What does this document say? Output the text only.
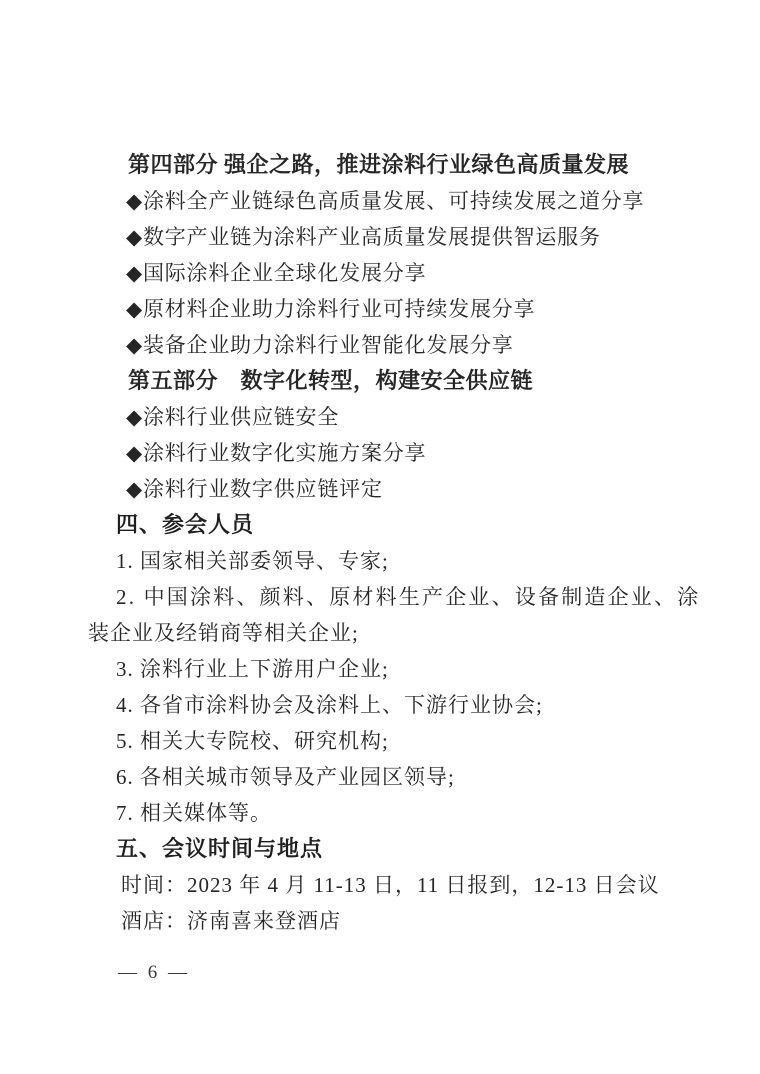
第四部分 强企之路，推进涂料行业绿色高质量发展
◆涂料全产业链绿色高质量发展、可持续发展之道分享
◆数字产业链为涂料产业高质量发展提供智运服务
◆国际涂料企业全球化发展分享
◆原材料企业助力涂料行业可持续发展分享
◆装备企业助力涂料行业智能化发展分享
第五部分　数字化转型，构建安全供应链
◆涂料行业供应链安全
◆涂料行业数字化实施方案分享
◆涂料行业数字供应链评定
四、参会人员
1. 国家相关部委领导、专家;
2. 中国涂料、颜料、原材料生产企业、设备制造企业、涂
装企业及经销商等相关企业;
3. 涂料行业上下游用户企业;
4. 各省市涂料协会及涂料上、下游行业协会;
5. 相关大专院校、研究机构;
6. 各相关城市领导及产业园区领导;
7. 相关媒体等。
五、会议时间与地点
时间：2023 年 4 月 11-13 日，11 日报到，12-13 日会议
酒店：济南喜来登酒店
— 6 —
